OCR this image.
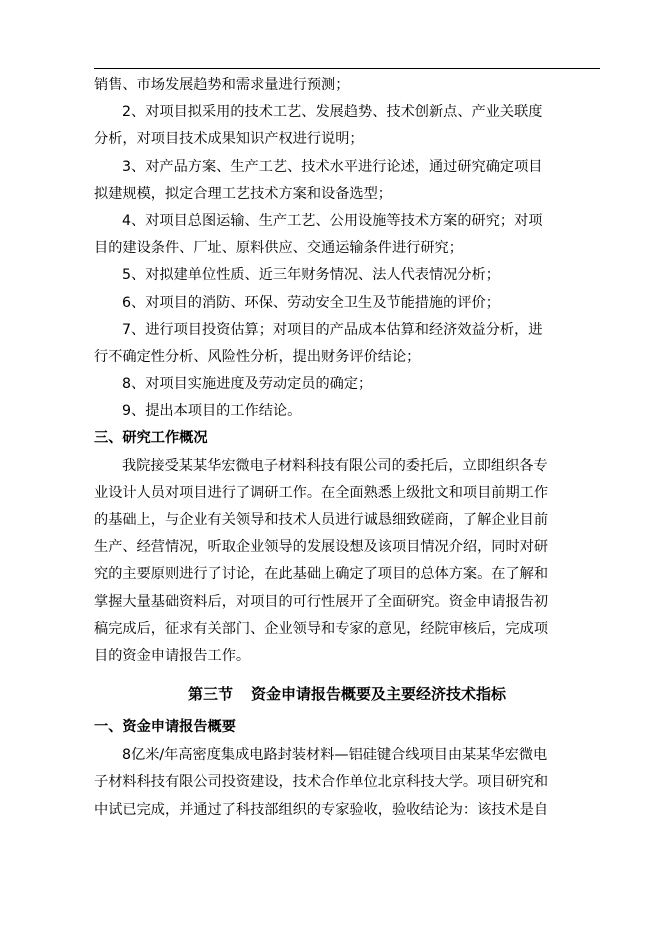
销售、市场发展趋势和需求量进行预测；
2、对项目拟采用的技术工艺、发展趋势、技术创新点、产业关联度
分析，对项目技术成果知识产权进行说明；
3、对产品方案、生产工艺、技术水平进行论述，通过研究确定项目
拟建规模，拟定合理工艺技术方案和设备选型；
4、对项目总图运输、生产工艺、公用设施等技术方案的研究；对项
目的建设条件、厂址、原料供应、交通运输条件进行研究；
5、对拟建单位性质、近三年财务情况、法人代表情况分析；
6、对项目的消防、环保、劳动安全卫生及节能措施的评价；
7、进行项目投资估算；对项目的产品成本估算和经济效益分析，进
行不确定性分析、风险性分析，提出财务评价结论；
8、对项目实施进度及劳动定员的确定；
9、提出本项目的工作结论。
三、研究工作概况
我院接受某某华宏微电子材料科技有限公司的委托后，立即组织各专
业设计人员对项目进行了调研工作。在全面熟悉上级批文和项目前期工作
的基础上，与企业有关领导和技术人员进行诚恳细致磋商，了解企业目前
生产、经营情况，听取企业领导的发展设想及该项目情况介绍，同时对研
究的主要原则进行了讨论，在此基础上确定了项目的总体方案。在了解和
掌握大量基础资料后，对项目的可行性展开了全面研究。资金申请报告初
稿完成后，征求有关部门、企业领导和专家的意见，经院审核后，完成项
目的资金申请报告工作。
第三节 资金申请报告概要及主要经济技术指标
一、资金申请报告概要
8亿米/年高密度集成电路封装材料—铝硅键合线项目由某某华宏微电
子材料科技有限公司投资建设，技术合作单位北京科技大学。项目研究和
中试已完成，并通过了科技部组织的专家验收，验收结论为：该技术是自
